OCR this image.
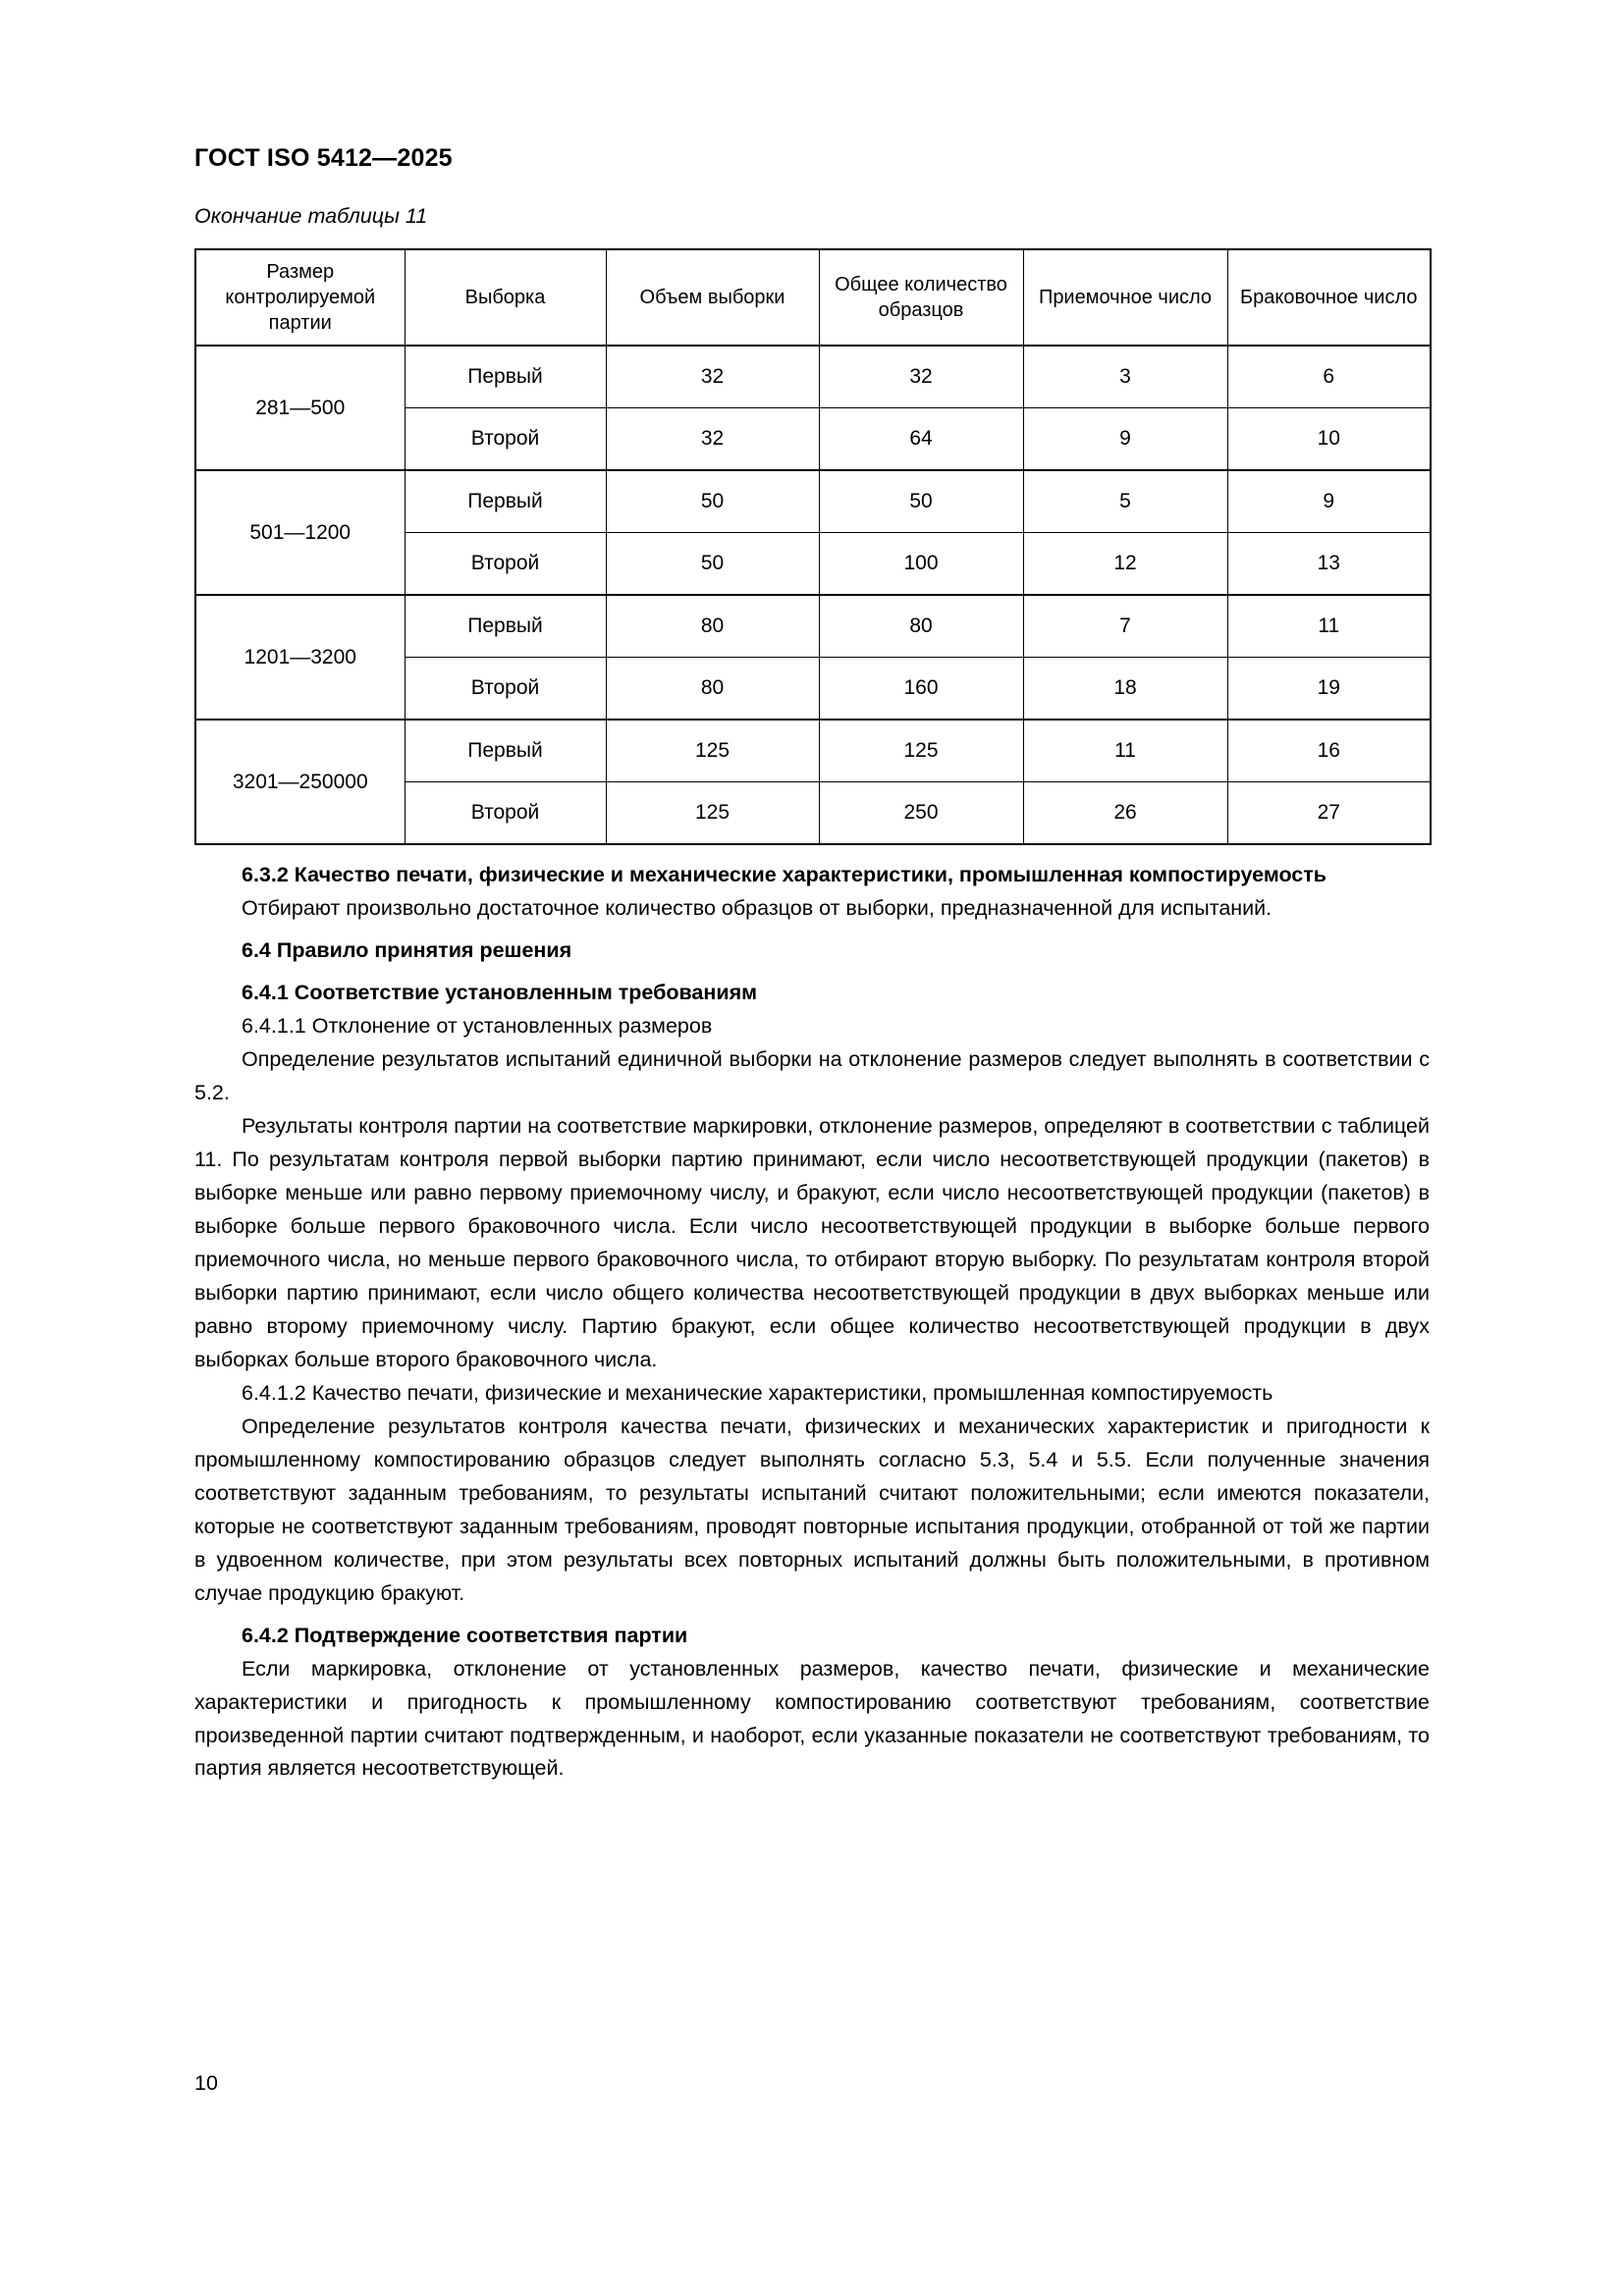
ГОСТ ISO 5412—2025
Окончание таблицы 11
Размер контролируемой партии	Выборка	Объем выборки	Общее количество образцов	Приемочное число	Браковочное число
281—500	Первый	32	32	3	6
	Второй	32	64	9	10
501—1200	Первый	50	50	5	9
	Второй	50	100	12	13
1201—3200	Первый	80	80	7	11
	Второй	80	160	18	19
3201—250000	Первый	125	125	11	16
	Второй	125	250	26	27

6.3.2 Качество печати, физические и механические характеристики, промышленная компостируемость

Отбирают произвольно достаточное количество образцов от выборки, предназначенной для испытаний.

6.4 Правило принятия решения

6.4.1 Соответствие установленным требованиям

6.4.1.1 Отклонение от установленных размеров

Определение результатов испытаний единичной выборки на отклонение размеров следует выполнять в соответствии с 5.2.

Результаты контроля партии на соответствие маркировки, отклонение размеров, определяют в соответствии с таблицей 11. По результатам контроля первой выборки партию принимают, если число несоответствующей продукции (пакетов) в выборке меньше или равно первому приемочному числу, и бракуют, если число несоответствующей продукции (пакетов) в выборке больше первого браковочного числа. Если число несоответствующей продукции в выборке больше первого приемочного числа, но меньше первого браковочного числа, то отбирают вторую выборку. По результатам контроля второй выборки партию принимают, если число общего количества несоответствующей продукции в двух выборках меньше или равно второму приемочному числу. Партию бракуют, если общее количество несоответствующей продукции в двух выборках больше второго браковочного числа.

6.4.1.2 Качество печати, физические и механические характеристики, промышленная компостируемость

Определение результатов контроля качества печати, физических и механических характеристик и пригодности к промышленному компостированию образцов следует выполнять согласно 5.3, 5.4 и 5.5. Если полученные значения соответствуют заданным требованиям, то результаты испытаний считают положительными; если имеются показатели, которые не соответствуют заданным требованиям, проводят повторные испытания продукции, отобранной от той же партии в удвоенном количестве, при этом результаты всех повторных испытаний должны быть положительными, в противном случае продукцию бракуют.

6.4.2 Подтверждение соответствия партии

Если маркировка, отклонение от установленных размеров, качество печати, физические и механические характеристики и пригодность к промышленному компостированию соответствуют требованиям, соответствие произведенной партии считают подтвержденным, и наоборот, если указанные показатели не соответствуют требованиям, то партия является несоответствующей.

10
